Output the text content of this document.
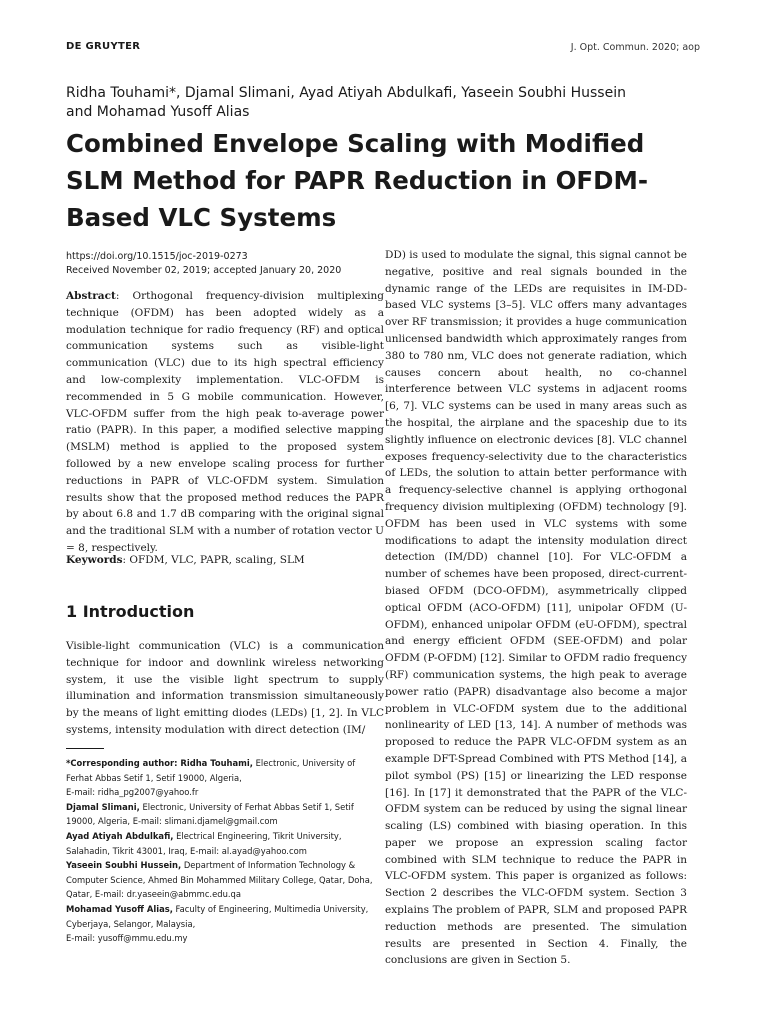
DE GRUYTER	J. Opt. Commun. 2020; aop
Ridha Touhami*, Djamal Slimani, Ayad Atiyah Abdulkafi, Yaseein Soubhi Hussein
and Mohamad Yusoff Alias
Combined Envelope Scaling with Modified SLM Method for PAPR Reduction in OFDM-Based VLC Systems
https://doi.org/10.1515/joc-2019-0273
Received November 02, 2019; accepted January 20, 2020

Abstract: Orthogonal frequency-division multiplexing technique (OFDM) has been adopted widely as a modulation technique for radio frequency (RF) and optical communication systems such as visible-light communication (VLC) due to its high spectral efficiency and low-complexity implementation. VLC-OFDM is recommended in 5 G mobile communication. However, VLC-OFDM suffer from the high peak to-average power ratio (PAPR). In this paper, a modified selective mapping (MSLM) method is applied to the proposed system followed by a new envelope scaling process for further reductions in PAPR of VLC-OFDM system. Simulation results show that the proposed method reduces the PAPR by about 6.8 and 1.7 dB comparing with the original signal and the traditional SLM with a number of rotation vector U = 8, respectively.

Keywords: OFDM, VLC, PAPR, scaling, SLM
1 Introduction

Visible-light communication (VLC) is a communication technique for indoor and downlink wireless networking system, it use the visible light spectrum to supply illumination and information transmission simultaneously by the means of light emitting diodes (LEDs) [1, 2]. In VLC systems, intensity modulation with direct detection (IM/

DD) is used to modulate the signal, this signal cannot be negative, positive and real signals bounded in the dynamic range of the LEDs are requisites in IM-DD-based VLC systems [3–5]. VLC offers many advantages over RF transmission; it provides a huge communication unlicensed bandwidth which approximately ranges from 380 to 780 nm, VLC does not generate radiation, which causes concern about health, no co-channel interference between VLC systems in adjacent rooms [6, 7]. VLC systems can be used in many areas such as the hospital, the airplane and the spaceship due to its slightly influence on electronic devices [8]. VLC channel exposes frequency-selectivity due to the characteristics of LEDs, the solution to attain better performance with a frequency-selective channel is applying orthogonal frequency division multiplexing (OFDM) technology [9]. OFDM has been used in VLC systems with some modifications to adapt the intensity modulation direct detection (IM/DD) channel [10]. For VLC-OFDM a number of schemes have been proposed, direct-current-biased OFDM (DCO-OFDM), asymmetrically clipped optical OFDM (ACO-OFDM) [11], unipolar OFDM (U-OFDM), enhanced unipolar OFDM (eU-OFDM), spectral and energy efficient OFDM (SEE-OFDM) and polar OFDM (P-OFDM) [12]. Similar to OFDM radio frequency (RF) communication systems, the high peak to average power ratio (PAPR) disadvantage also become a major problem in VLC-OFDM system due to the additional nonlinearity of LED [13, 14]. A number of methods was proposed to reduce the PAPR VLC-OFDM system as an example DFT-Spread Combined with PTS Method [14], a pilot symbol (PS) [15] or linearizing the LED response [16]. In [17] it demonstrated that the PAPR of the VLC-OFDM system can be reduced by using the signal linear scaling (LS) combined with biasing operation. In this paper we propose an expression scaling factor combined with SLM technique to reduce the PAPR in VLC-OFDM system. This paper is organized as follows: Section 2 describes the VLC-OFDM system. Section 3 explains The problem of PAPR, SLM and proposed PAPR reduction methods are presented. The simulation results are presented in Section 4. Finally, the conclusions are given in Section 5.

*Corresponding author: Ridha Touhami, Electronic, University of Ferhat Abbas Setif 1, Setif 19000, Algeria,
E-mail: ridha_pg2007@yahoo.fr

Djamal Slimani, Electronic, University of Ferhat Abbas Setif 1, Setif 19000, Algeria, E-mail: slimani.djamel@gmail.com

Ayad Atiyah Abdulkafi, Electrical Engineering, Tikrit University, Salahadin, Tikrit 43001, Iraq, E-mail: al.ayad@yahoo.com

Yaseein Soubhi Hussein, Department of Information Technology & Computer Science, Ahmed Bin Mohammed Military College, Qatar, Doha, Qatar, E-mail: dr.yaseein@abmmc.edu.qa

Mohamad Yusoff Alias, Faculty of Engineering, Multimedia University, Cyberjaya, Selangor, Malaysia,
E-mail: yusoff@mmu.edu.my
